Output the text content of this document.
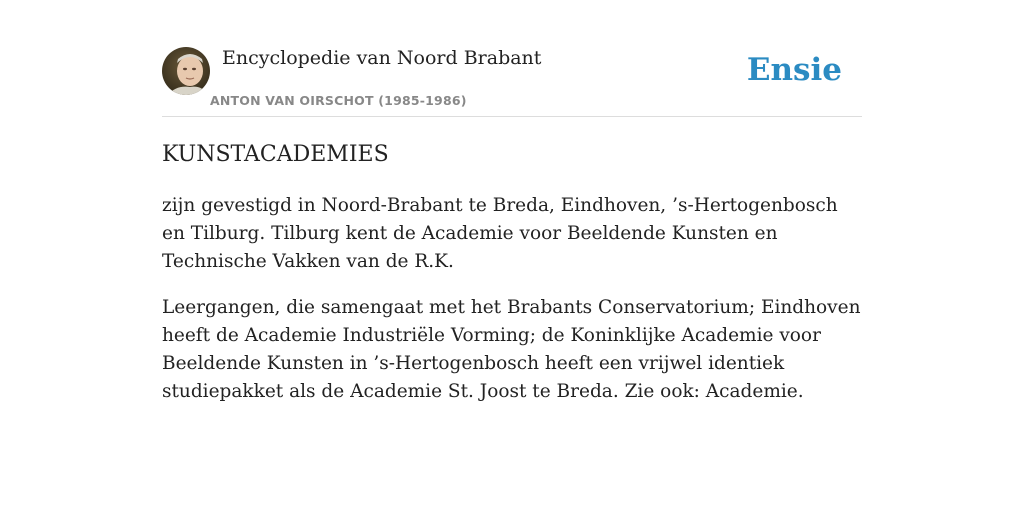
Encyclopedie van Noord Brabant
ANTON VAN OIRSCHOT (1985-1986)
Ensie
KUNSTACADEMIES

zijn gevestigd in Noord-Brabant te Breda, Eindhoven, ’s-Hertogenbosch en Tilburg. Tilburg kent de Academie voor Beeldende Kunsten en Technische Vakken van de R.K.

Leergangen, die samengaat met het Brabants Conservatorium; Eindhoven heeft de Academie Industriële Vorming; de Koninklijke Academie voor Beeldende Kunsten in ’s-Hertogenbosch heeft een vrijwel identiek studiepakket als de Academie St. Joost te Breda. Zie ook: Academie.
